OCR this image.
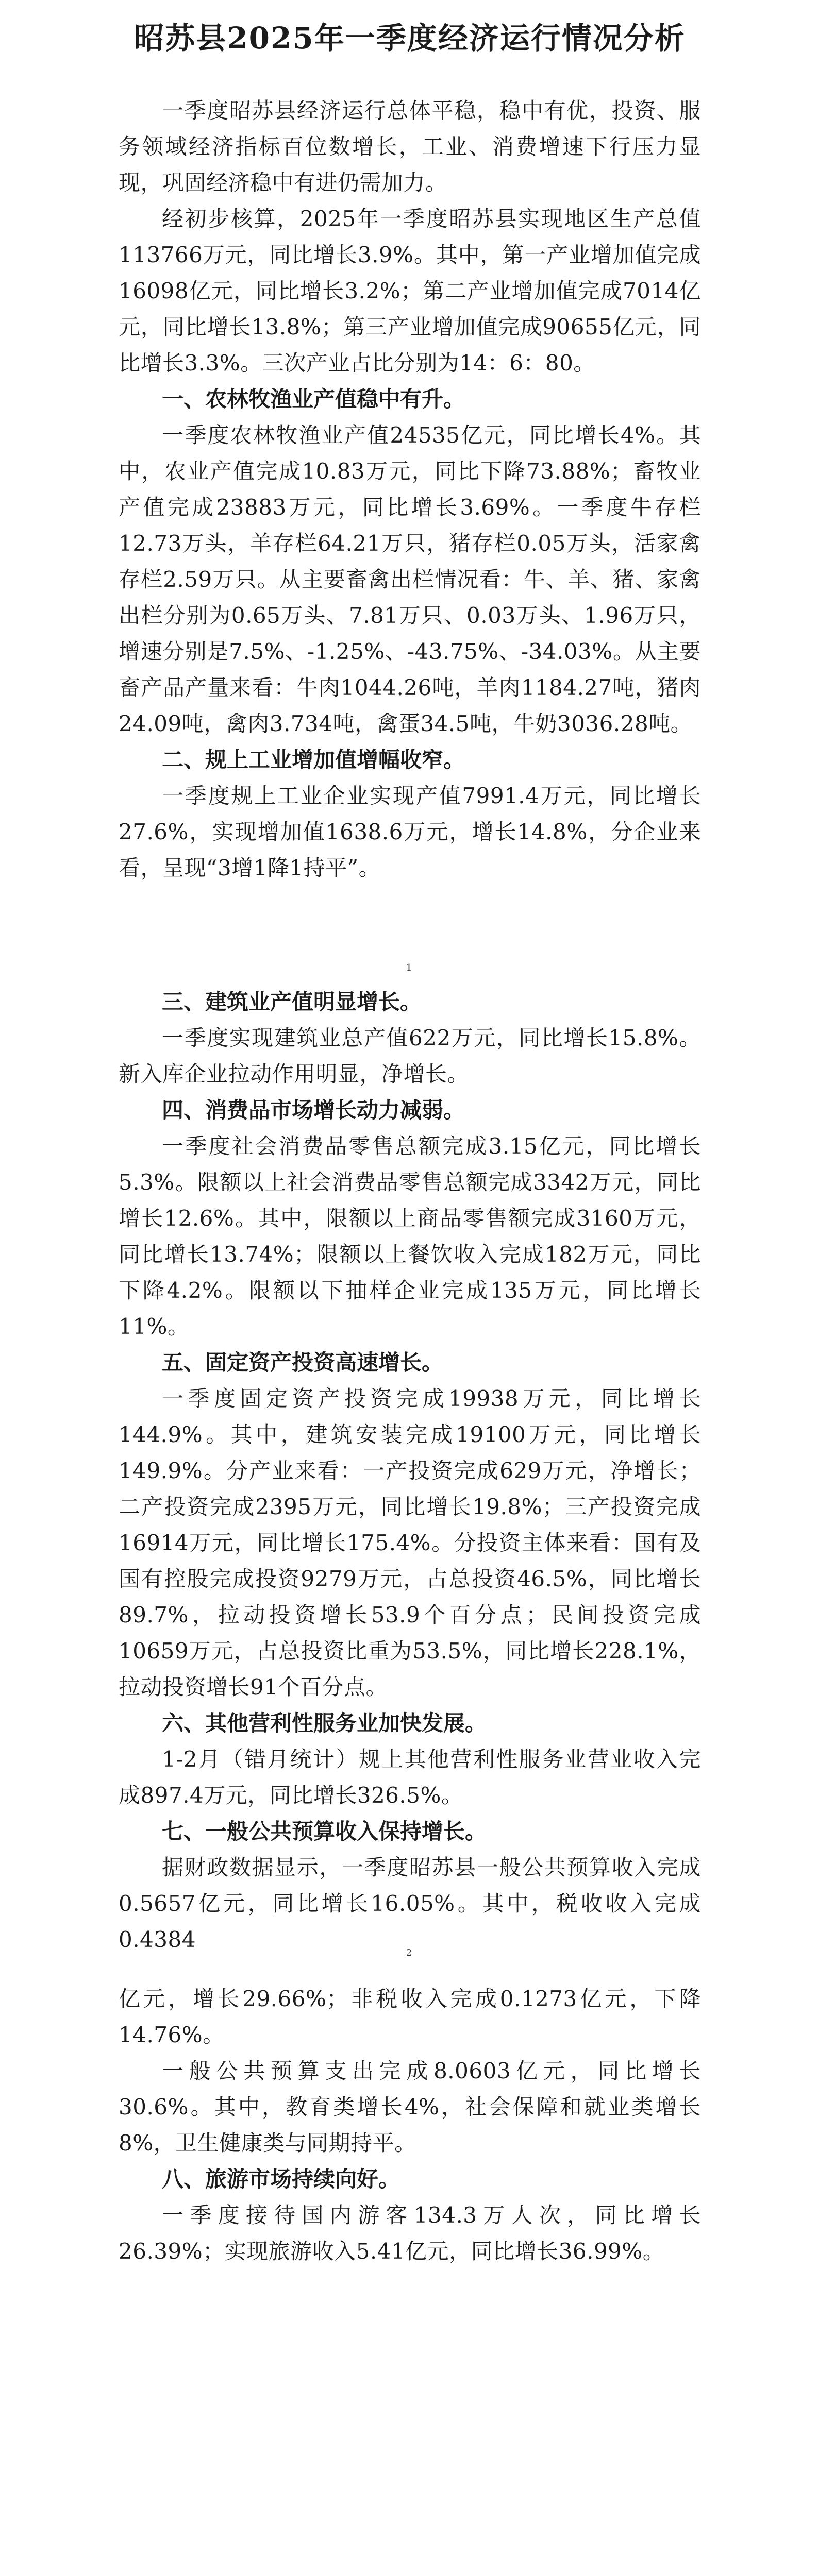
昭苏县2025年一季度经济运行情况分析

一季度昭苏县经济运行总体平稳，稳中有优，投资、服务领域经济指标百位数增长，工业、消费增速下行压力显现，巩固经济稳中有进仍需加力。

经初步核算，2025年一季度昭苏县实现地区生产总值113766万元，同比增长3.9%。其中，第一产业增加值完成16098亿元，同比增长3.2%；第二产业增加值完成7014亿元，同比增长13.8%；第三产业增加值完成90655亿元，同比增长3.3%。三次产业占比分别为14：6：80。

一、农林牧渔业产值稳中有升。

一季度农林牧渔业产值24535亿元，同比增长4%。其中，农业产值完成10.83万元，同比下降73.88%；畜牧业产值完成23883万元，同比增长3.69%。一季度牛存栏12.73万头，羊存栏64.21万只，猪存栏0.05万头，活家禽存栏2.59万只。从主要畜禽出栏情况看：牛、羊、猪、家禽出栏分别为0.65万头、7.81万只、0.03万头、1.96万只，增速分别是7.5%、-1.25%、-43.75%、-34.03%。从主要畜产品产量来看：牛肉1044.26吨，羊肉1184.27吨，猪肉24.09吨，禽肉3.734吨，禽蛋34.5吨，牛奶3036.28吨。

二、规上工业增加值增幅收窄。

一季度规上工业企业实现产值7991.4万元，同比增长27.6%，实现增加值1638.6万元，增长14.8%，分企业来看，呈现“3增1降1持平”。

1
三、建筑业产值明显增长。

一季度实现建筑业总产值622万元，同比增长15.8%。新入库企业拉动作用明显，净增长。

四、消费品市场增长动力减弱。

一季度社会消费品零售总额完成3.15亿元，同比增长5.3%。限额以上社会消费品零售总额完成3342万元，同比增长12.6%。其中，限额以上商品零售额完成3160万元，同比增长13.74%；限额以上餐饮收入完成182万元，同比下降4.2%。限额以下抽样企业完成135万元，同比增长11%。

五、固定资产投资高速增长。

一季度固定资产投资完成19938万元，同比增长144.9%。其中，建筑安装完成19100万元，同比增长149.9%。分产业来看：一产投资完成629万元，净增长；二产投资完成2395万元，同比增长19.8%；三产投资完成16914万元，同比增长175.4%。分投资主体来看：国有及国有控股完成投资9279万元，占总投资46.5%，同比增长89.7%，拉动投资增长53.9个百分点；民间投资完成10659万元，占总投资比重为53.5%，同比增长228.1%，拉动投资增长91个百分点。

六、其他营利性服务业加快发展。

1-2月（错月统计）规上其他营利性服务业营业收入完成897.4万元，同比增长326.5%。

七、一般公共预算收入保持增长。

据财政数据显示，一季度昭苏县一般公共预算收入完成0.5657亿元，同比增长16.05%。其中，税收收入完成0.4384

2

亿元，增长29.66%；非税收入完成0.1273亿元，下降14.76%。

一般公共预算支出完成8.0603亿元，同比增长30.6%。其中，教育类增长4%，社会保障和就业类增长8%，卫生健康类与同期持平。

八、旅游市场持续向好。

一季度接待国内游客134.3万人次，同比增长26.39%；实现旅游收入5.41亿元，同比增长36.99%。
